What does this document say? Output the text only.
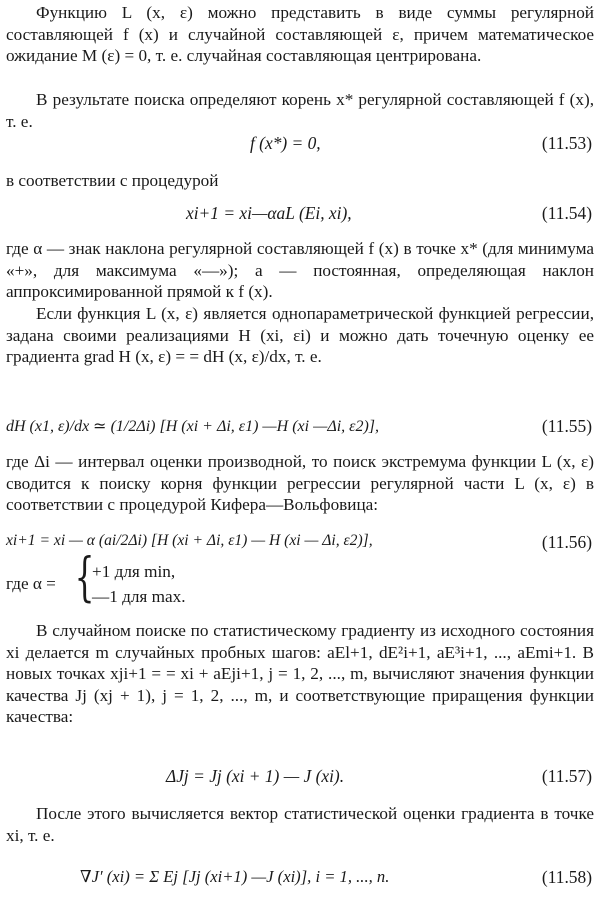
Функцию L (x, ε) можно представить в виде суммы регулярной составляющей f (x) и случайной составляющей ε, причем математическое ожидание M (ε) = 0, т. е. случайная составляющая центрирована.
В результате поиска определяют корень x* регулярной составляющей f (x), т. е.
f (x*) = 0,	(11.53)
в соответствии с процедурой
xi+1 = xi—αaL (Ei, xi),	(11.54)
где α — знак наклона регулярной составляющей f (x) в точке x* (для минимума «+», для максимума «—»); a — постоянная, определяющая наклон аппроксимированной прямой к f (x).
Если функция L (x, ε) является однопараметрической функцией регрессии, задана своими реализациями H (xi, εi) и можно дать точечную оценку ее градиента grad H (x, ε) = = dH (x, ε)/dx, т. е.
dH (x1, ε)/dx ≃ (1/2Δi) [H (xi + Δi, ε1) —H (xi —Δi, ε2)],	(11.55)
где Δi — интервал оценки производной, то поиск экстремума функции L (x, ε) сводится к поиску корня функции регрессии регулярной части L (x, ε) в соответствии с процедурой Кифера—Вольфовица:
xi+1 = xi — α (ai/2Δi) [H (xi + Δi, ε1) — H (xi — Δi, ε2)],	(11.56)
где α = {
+1 для min,
—1 для max.
В случайном поиске по статистическому градиенту из исходного состояния xi делается m случайных пробных шагов: aEl+1, dE²i+1, aE³i+1, ..., aEmi+1. В новых точках xji+1 = = xi + aEji+1, j = 1, 2, ..., m, вычисляют значения функции качества Jj (xj + 1), j = 1, 2, ..., m, и соответствующие приращения функции качества:
ΔJj = Jj (xi + 1) — J (xi).	(11.57)
После этого вычисляется вектор статистической оценки градиента в точке xi, т. е.
∇J′ (xi) = Σ Ej [Jj (xi+1) —J (xi)], i = 1, ..., n.	(11.58)
